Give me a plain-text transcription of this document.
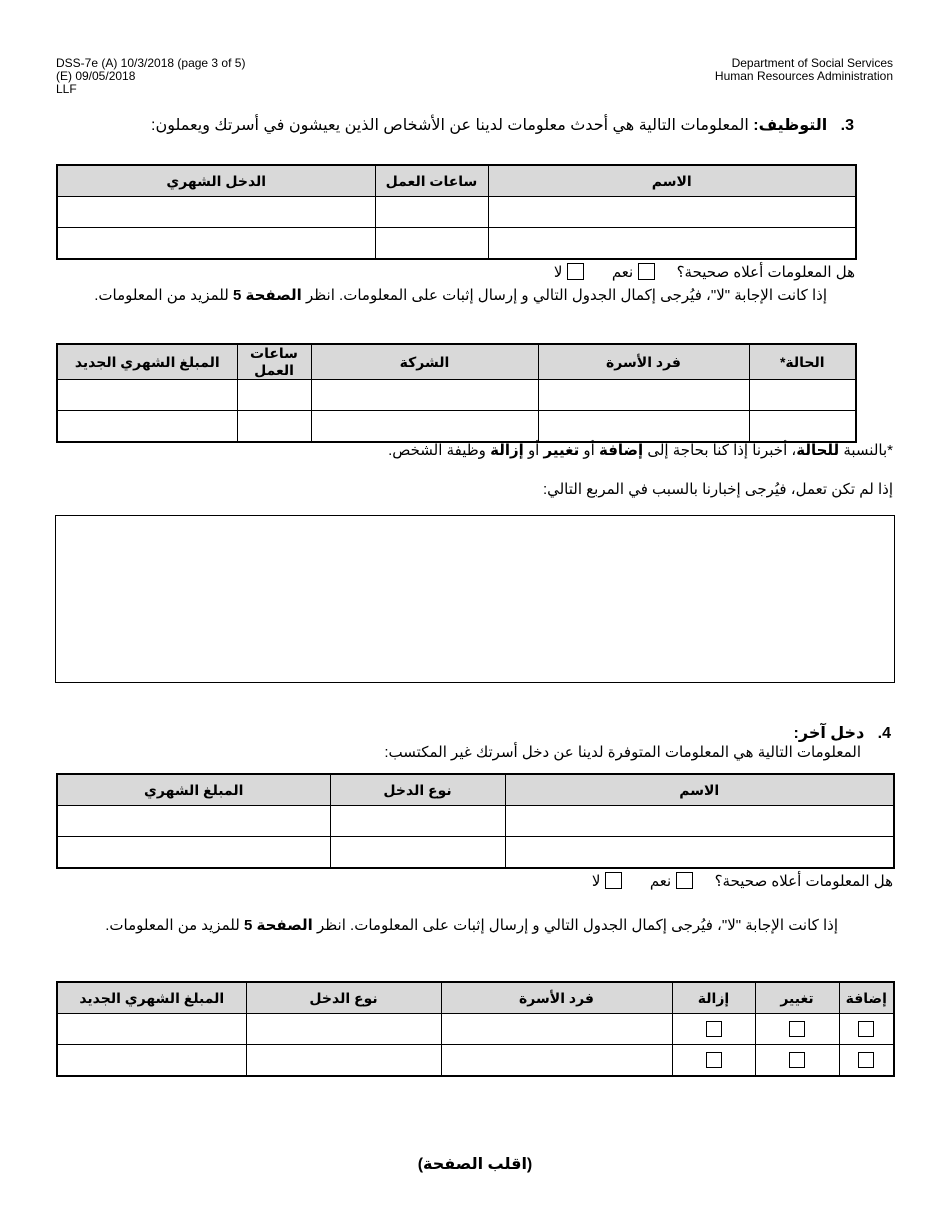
DSS-7e (A) 10/3/2018 (page 3 of 5)
(E) 09/05/2018
LLF
Department of Social Services
Human Resources Administration
3.   التوظيف: المعلومات التالية هي أحدث معلومات لدينا عن الأشخاص الذين يعيشون في أسرتك ويعملون:
الاسم	ساعات العمل	الدخل الشهري

هل المعلومات أعلاه صحيحة؟  نعم  لا
إذا كانت الإجابة "لا"، فيُرجى إكمال الجدول التالي و إرسال إثبات على المعلومات. انظر الصفحة 5 للمزيد من المعلومات.
الحالة*	فرد الأسرة	الشركة	ساعات العمل	المبلغ الشهري الجديد

*بالنسبة للحالة، أخبرنا إذا كنا بحاجة إلى إضافة أو تغيير أو إزالة وظيفة الشخص.
إذا لم تكن تعمل، فيُرجى إخبارنا بالسبب في المربع التالي:
4.   دخل آخر:
المعلومات التالية هي المعلومات المتوفرة لدينا عن دخل أسرتك غير المكتسب:
الاسم	نوع الدخل	المبلغ الشهري

هل المعلومات أعلاه صحيحة؟  نعم  لا
إذا كانت الإجابة "لا"، فيُرجى إكمال الجدول التالي و إرسال إثبات على المعلومات. انظر الصفحة 5 للمزيد من المعلومات.
إضافة	تغيير	إزالة	فرد الأسرة	نوع الدخل	المبلغ الشهري الجديد

(اقلب الصفحة)
